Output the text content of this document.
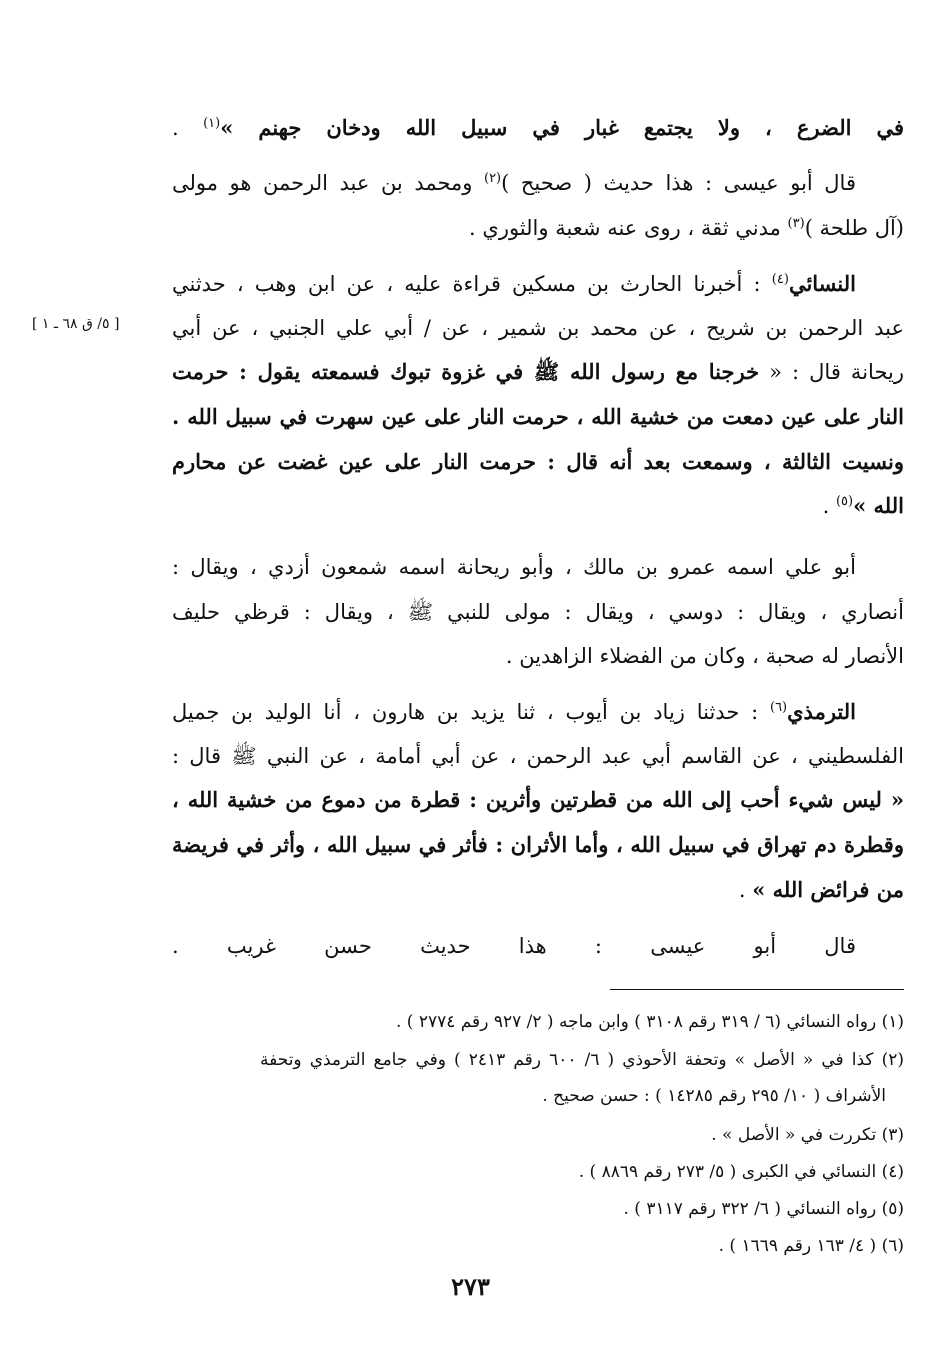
في الضرع ، ولا يجتمع غبار في سبيل الله ودخان جهنم »$^{(١)}$ .
قال أبو عيسى : هذا حديث ( صحيح )$^{(٢)}$ ومحمد بن عبد الرحمن هو مولى
(آل طلحة )$^{(٣)}$ مدني ثقة ، روى عنه شعبة والثوري .
النسائي$^{(٤)}$ : أخبرنا الحارث بن مسكين قراءة عليه ، عن ابن وهب ، حدثني
عبد الرحمن بن شريح ، عن محمد بن شمير ، عن / أبي علي الجنبي ، عن أبي
ريحانة قال : « خرجنا مع رسول الله ﷺ في غزوة تبوك فسمعته يقول : حرمت
النار على عين دمعت من خشية الله ، حرمت النار على عين سهرت في سبيل الله .
ونسيت الثالثة ، وسمعت بعد أنه قال : حرمت النار على عين غضت عن محارم
الله »$^{(٥)}$ .
أبو علي اسمه عمرو بن مالك ، وأبو ريحانة اسمه شمعون أزدي ، ويقال :
أنصاري ، ويقال : دوسي ، ويقال : مولى للنبي ﷺ ، ويقال : قرظي حليف
الأنصار له صحبة ، وكان من الفضلاء الزاهدين .
الترمذي$^{(٦)}$ : حدثنا زياد بن أيوب ، ثنا يزيد بن هارون ، أنا الوليد بن جميل
الفلسطيني ، عن القاسم أبي عبد الرحمن ، عن أبي أمامة ، عن النبي ﷺ قال :
« ليس شيء أحب إلى الله من قطرتين وأثرين : قطرة من دموع من خشية الله ،
وقطرة دم تهراق في سبيل الله ، وأما الأثران : فأثر في سبيل الله ، وأثر في فريضة
من فرائض الله » .
قال أبو عيسى : هذا حديث حسن غريب .
[ ٥/ ق ٦٨ ـ ١ ]
(١) رواه النسائي (٦ / ٣١٩ رقم ٣١٠٨ ) وابن ماجه ( ٢/ ٩٢٧ رقم ٢٧٧٤ ) .
(٢) كذا في « الأصل » وتحفة الأحوذي ( ٦/ ٦٠٠ رقم ٢٤١٣ ) وفي جامع الترمذي وتحفة
الأشراف ( ١٠/ ٢٩٥ رقم ١٤٢٨٥ ) : حسن صحيح .
(٣) تكررت في « الأصل » .
(٤) النسائي في الكبرى ( ٥/ ٢٧٣ رقم ٨٨٦٩ ) .
(٥) رواه النسائي ( ٦/ ٣٢٢ رقم ٣١١٧ ) .
(٦) ( ٤/ ١٦٣ رقم ١٦٦٩ ) .
٢٧٣
